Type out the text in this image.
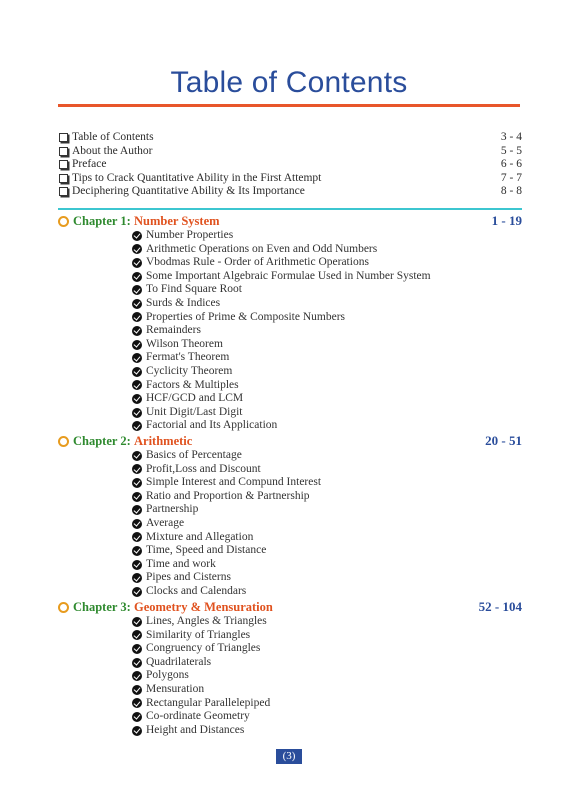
Table of Contents
Table of Contents	3 - 4
About the Author	5 - 5
Preface	6 - 6
Tips to Crack Quantitative Ability in the First Attempt	7 - 7
Deciphering Quantitative Ability & Its Importance	8 - 8
Chapter 1: Number System	1 - 19
Number Properties
Arithmetic Operations on Even and Odd Numbers
Vbodmas Rule - Order of Arithmetic Operations
Some Important Algebraic Formulae Used in Number System
To Find Square Root
Surds & Indices
Properties of Prime & Composite Numbers
Remainders
Wilson Theorem
Fermat's Theorem
Cyclicity Theorem
Factors & Multiples
HCF/GCD and LCM
Unit Digit/Last Digit
Factorial and Its Application
Chapter 2: Arithmetic	20 - 51
Basics of Percentage
Profit,Loss and Discount
Simple Interest and Compund Interest
Ratio and Proportion & Partnership
Partnership
Average
Mixture and Allegation
Time, Speed and Distance
Time and work
Pipes and Cisterns
Clocks and Calendars
Chapter 3: Geometry & Mensuration	52 - 104
Lines, Angles & Triangles
Similarity of Triangles
Congruency of Triangles
Quadrilaterals
Polygons
Mensuration
Rectangular Parallelepiped
Co-ordinate Geometry
Height and Distances
(3)
